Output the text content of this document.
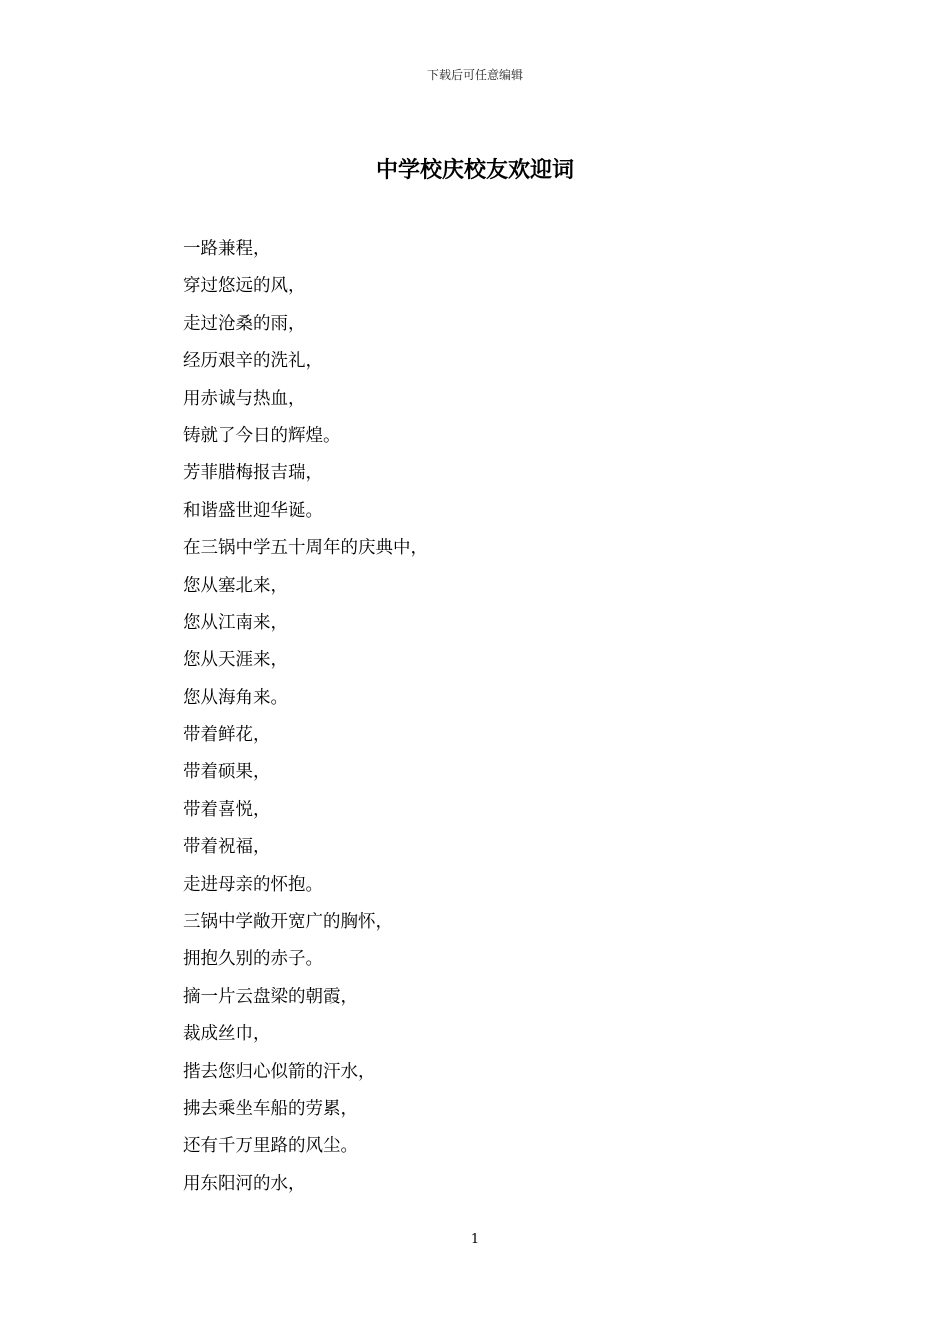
下载后可任意编辑
中学校庆校友欢迎词
一路兼程，
穿过悠远的风，
走过沧桑的雨，
经历艰辛的洗礼，
用赤诚与热血，
铸就了今日的辉煌。
芳菲腊梅报吉瑞，
和谐盛世迎华诞。
在三锅中学五十周年的庆典中，
您从塞北来，
您从江南来，
您从天涯来，
您从海角来。
带着鲜花，
带着硕果，
带着喜悦，
带着祝福，
走进母亲的怀抱。
三锅中学敞开宽广的胸怀，
拥抱久别的赤子。
摘一片云盘梁的朝霞，
裁成丝巾，
揩去您归心似箭的汗水，
拂去乘坐车船的劳累，
还有千万里路的风尘。
用东阳河的水，
1
